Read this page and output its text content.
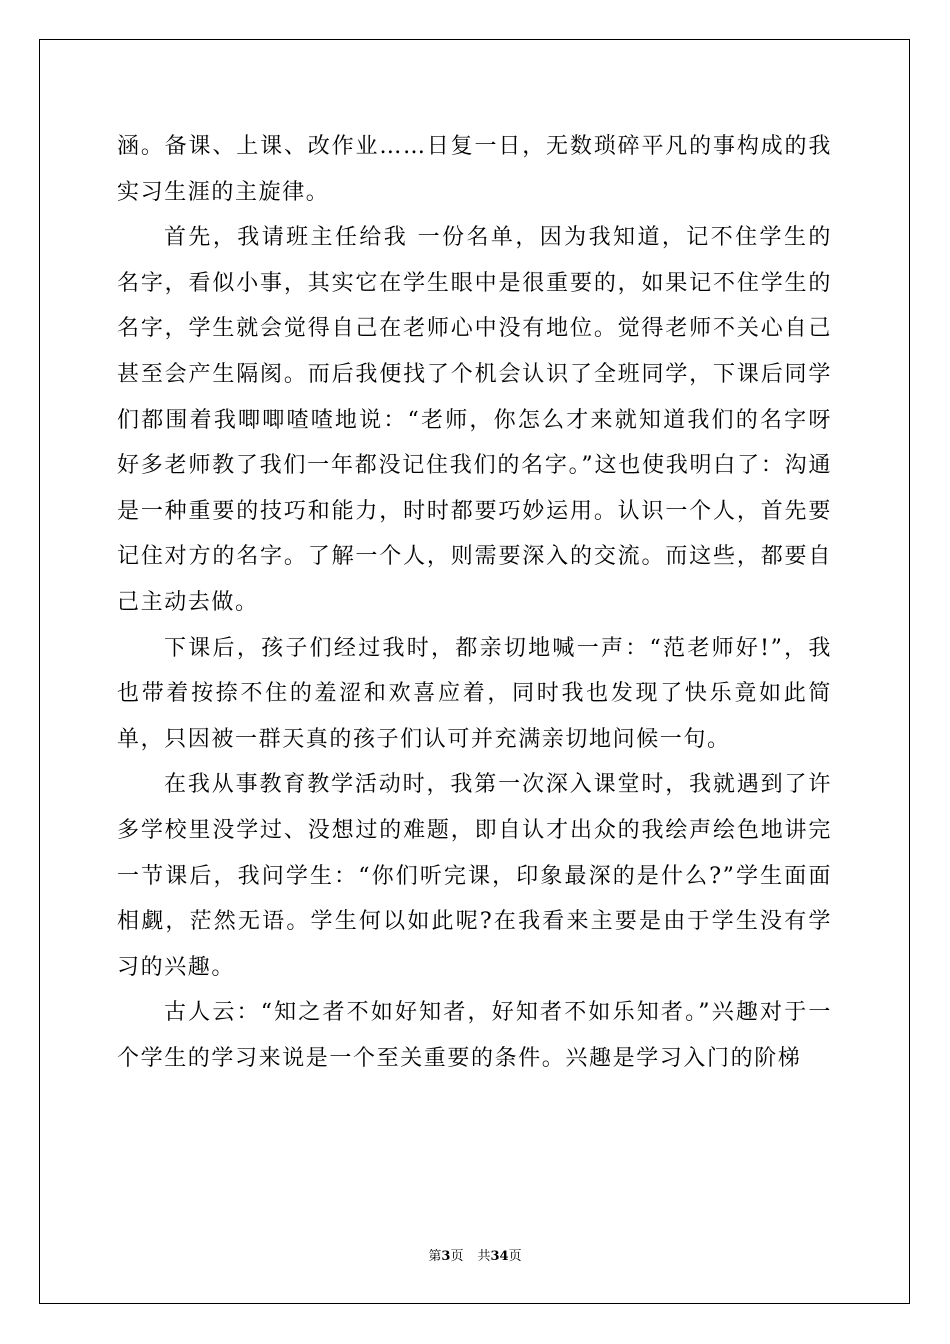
涵。备课、上课、改作业……日复一日，无数琐碎平凡的事构成的我实习生涯的主旋律。

首先，我请班主任给我 一份名单，因为我知道，记不住学生的名字，看似小事，其实它在学生眼中是很重要的，如果记不住学生的名字，学生就会觉得自己在老师心中没有地位。觉得老师不关心自己甚至会产生隔阂。而后我便找了个机会认识了全班同学，下课后同学们都围着我唧唧喳喳地说：“老师，你怎么才来就知道我们的名字呀好多老师教了我们一年都没记住我们的名字。”这也使我明白了：沟通是一种重要的技巧和能力，时时都要巧妙运用。认识一个人，首先要记住对方的名字。了解一个人，则需要深入的交流。而这些，都要自己主动去做。

下课后，孩子们经过我时，都亲切地喊一声：“范老师好!”，我也带着按捺不住的羞涩和欢喜应着，同时我也发现了快乐竟如此简单，只因被一群天真的孩子们认可并充满亲切地问候一句。

在我从事教育教学活动时，我第一次深入课堂时，我就遇到了许多学校里没学过、没想过的难题，即自认才出众的我绘声绘色地讲完一节课后，我问学生：“你们听完课，印象最深的是什么?”学生面面相觑，茫然无语。学生何以如此呢?在我看来主要是由于学生没有学习的兴趣。

古人云：“知之者不如好知者，好知者不如乐知者。”兴趣对于一个学生的学习来说是一个至关重要的条件。兴趣是学习入门的阶梯

第3页 共34页
